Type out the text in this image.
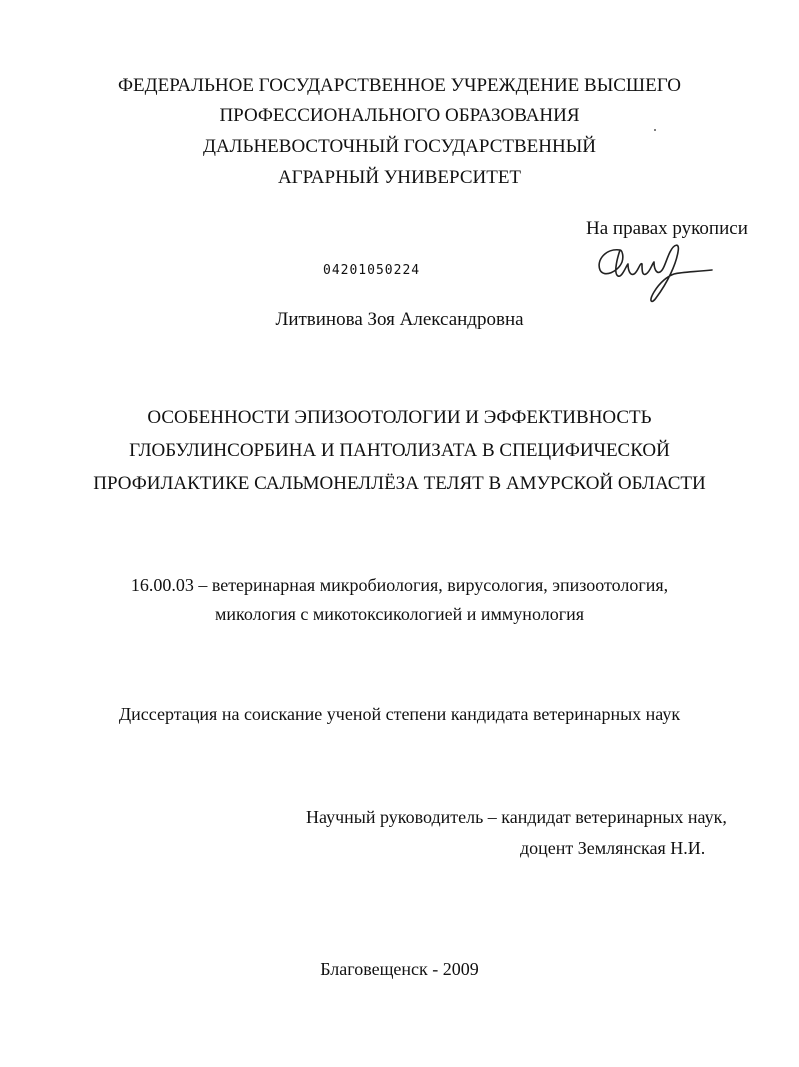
ФЕДЕРАЛЬНОЕ ГОСУДАРСТВЕННОЕ УЧРЕЖДЕНИЕ ВЫСШЕГО
ПРОФЕССИОНАЛЬНОГО ОБРАЗОВАНИЯ
ДАЛЬНЕВОСТОЧНЫЙ ГОСУДАРСТВЕННЫЙ
АГРАРНЫЙ УНИВЕРСИТЕТ
На правах рукописи
04201050224	Лит
Литвинова Зоя Александровна
ОСОБЕННОСТИ ЭПИЗООТОЛОГИИ И ЭФФЕКТИВНОСТЬ
ГЛОБУЛИНСОРБИНА И ПАНТОЛИЗАТА В СПЕЦИФИЧЕСКОЙ
ПРОФИЛАКТИКЕ САЛЬМОНЕЛЛЁЗА ТЕЛЯТ В АМУРСКОЙ ОБЛАСТИ
16.00.03 – ветеринарная микробиология, вирусология, эпизоотология,
микология с микотоксикологией и иммунология
Диссертация на соискание ученой степени кандидата ветеринарных наук
Научный руководитель – кандидат ветеринарных наук,
доцент Землянская Н.И.
Благовещенск - 2009
